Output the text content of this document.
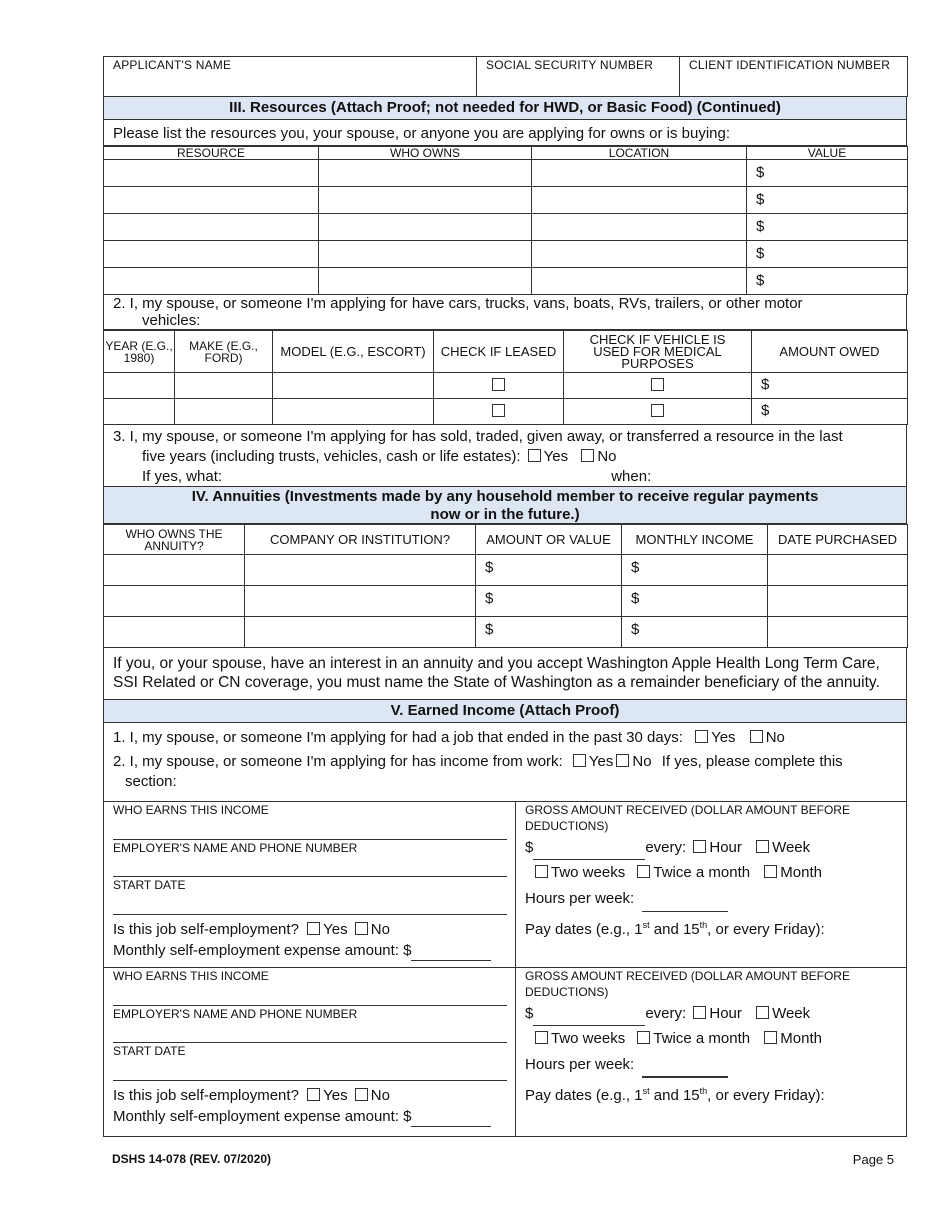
APPLICANT'S NAME	SOCIAL SECURITY NUMBER	CLIENT IDENTIFICATION NUMBER
III. Resources (Attach Proof; not needed for HWD, or Basic Food) (Continued)
Please list the resources you, your spouse, or anyone you are applying for owns or is buying:
RESOURCE	WHO OWNS	LOCATION	VALUE
			$
			$
			$
			$
			$
2. I, my spouse, or someone I'm applying for have cars, trucks, vans, boats, RVs, trailers, or other motor
vehicles:
YEAR (E.G., 1980)	MAKE (E.G., FORD)	MODEL (E.G., ESCORT)	CHECK IF LEASED	CHECK IF VEHICLE IS USED FOR MEDICAL PURPOSES	AMOUNT OWED
					$
					$
3. I, my spouse, or someone I'm applying for has sold, traded, given away, or transferred a resource in the last
five years (including trusts, vehicles, cash or life estates): Yes No
If yes, what:	when:
IV. Annuities (Investments made by any household member to receive regular payments
now or in the future.)
WHO OWNS THE ANNUITY?	COMPANY OR INSTITUTION?	AMOUNT OR VALUE	MONTHLY INCOME	DATE PURCHASED
		$	$	
		$	$	
		$	$	
If you, or your spouse, have an interest in an annuity and you accept Washington Apple Health Long Term Care, SSI Related or CN coverage, you must name the State of Washington as a remainder beneficiary of the annuity.
V. Earned Income (Attach Proof)
1. I, my spouse, or someone I'm applying for had a job that ended in the past 30 days: Yes No
2. I, my spouse, or someone I'm applying for has income from work: Yes No If yes, please complete this
section:
WHO EARNS THIS INCOME
EMPLOYER'S NAME AND PHONE NUMBER
START DATE
Is this job self-employment? Yes No
Monthly self-employment expense amount: $
GROSS AMOUNT RECEIVED (DOLLAR AMOUNT BEFORE DEDUCTIONS)
$	every: Hour Week
Two weeks Twice a month Month
Hours per week:
Pay dates (e.g., 1st and 15th, or every Friday):
WHO EARNS THIS INCOME
EMPLOYER'S NAME AND PHONE NUMBER
START DATE
Is this job self-employment? Yes No
Monthly self-employment expense amount: $
GROSS AMOUNT RECEIVED (DOLLAR AMOUNT BEFORE DEDUCTIONS)
$	every: Hour Week
Two weeks Twice a month Month
Hours per week:
Pay dates (e.g., 1st and 15th, or every Friday):
DSHS 14-078 (REV. 07/2020)	Page 5
